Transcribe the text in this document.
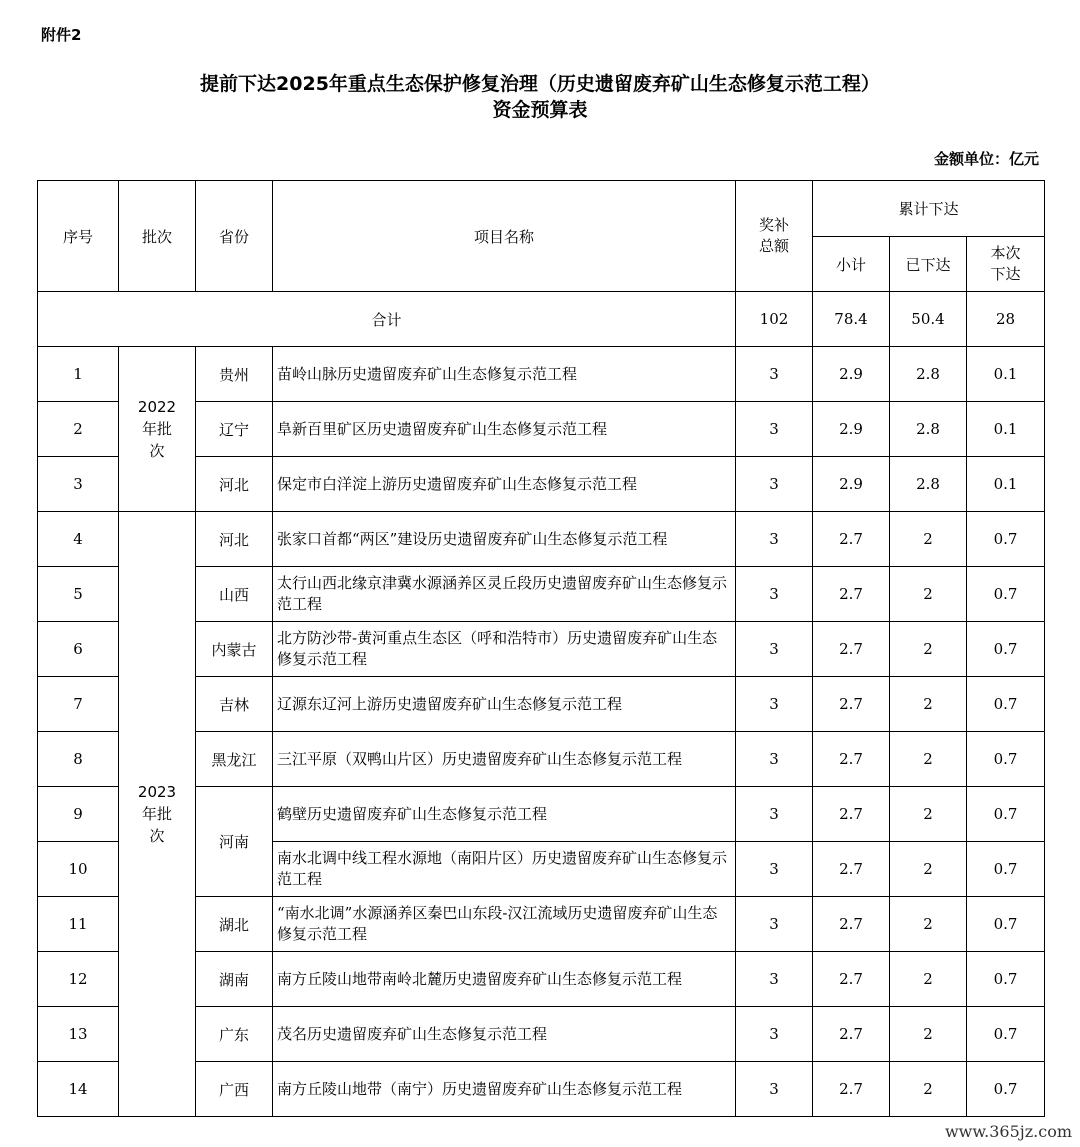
附件2
提前下达2025年重点生态保护修复治理（历史遗留废弃矿山生态修复示范工程）
资金预算表
金额单位：亿元
序号	批次	省份	项目名称	奖补总额	累计下达		
					小计	已下达	本次下达

合计				102	78.4	50.4	28
1	2022年批次	贵州	苗岭山脉历史遗留废弃矿山生态修复示范工程	3	2.9	2.8	0.1
2		辽宁	阜新百里矿区历史遗留废弃矿山生态修复示范工程	3	2.9	2.8	0.1
3		河北	保定市白洋淀上游历史遗留废弃矿山生态修复示范工程	3	2.9	2.8	0.1
4	2023年批次	河北	张家口首都“两区”建设历史遗留废弃矿山生态修复示范工程	3	2.7	2	0.7
5		山西	太行山西北缘京津冀水源涵养区灵丘段历史遗留废弃矿山生态修复示范工程	3	2.7	2	0.7
6		内蒙古	北方防沙带-黄河重点生态区（呼和浩特市）历史遗留废弃矿山生态修复示范工程	3	2.7	2	0.7
7		吉林	辽源东辽河上游历史遗留废弃矿山生态修复示范工程	3	2.7	2	0.7
8		黑龙江	三江平原（双鸭山片区）历史遗留废弃矿山生态修复示范工程	3	2.7	2	0.7
9		河南	鹤壁历史遗留废弃矿山生态修复示范工程	3	2.7	2	0.7
10			南水北调中线工程水源地（南阳片区）历史遗留废弃矿山生态修复示范工程	3	2.7	2	0.7
11		湖北	“南水北调”水源涵养区秦巴山东段-汉江流域历史遗留废弃矿山生态修复示范工程	3	2.7	2	0.7
12		湖南	南方丘陵山地带南岭北麓历史遗留废弃矿山生态修复示范工程	3	2.7	2	0.7
13		广东	茂名历史遗留废弃矿山生态修复示范工程	3	2.7	2	0.7
14		广西	南方丘陵山地带（南宁）历史遗留废弃矿山生态修复示范工程	3	2.7	2	0.7
www.365jz.com
